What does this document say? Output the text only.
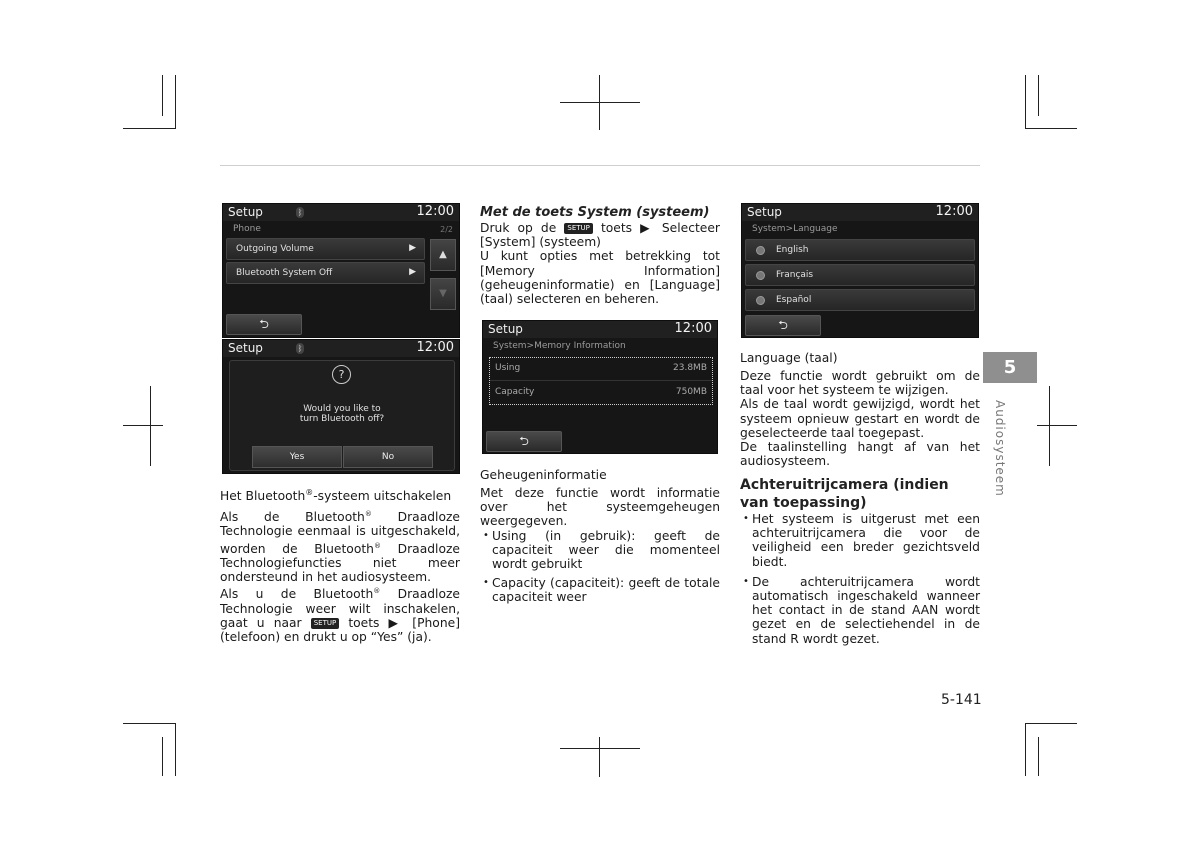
Setup	ᛒ	12:00
Phone	2/2
Outgoing Volume	▶
Bluetooth System Off	▶
▲
▼
⮌
Setup	ᛒ	12:00
?
Would you like to
turn Bluetooth off?
Yes	No
Het Bluetooth®-systeem uitschakelen

Als de Bluetooth® Draadloze Technologie eenmaal is uitgeschakeld, worden de Bluetooth® Draadloze Technologiefuncties niet meer ondersteund in het audiosysteem.

Als u de Bluetooth® Draadloze Technologie weer wilt inschakelen, gaat u naar SETUP toets ▶ [Phone] (telefoon) en drukt u op “Yes” (ja).

Met de toets System (systeem)

Druk op de SETUP toets ▶ Selecteer [System] (systeem)

U kunt opties met betrekking tot [Memory Information] (geheugeninformatie) en [Language] (taal) selecteren en beheren.

Setup	12:00
System>Memory Information
Using	23.8MB
Capacity	750MB
⮌
Geheugeninformatie

Met deze functie wordt informatie over het systeemgeheugen weergegeven.

• Using (in gebruik): geeft de capaciteit weer die momenteel wordt gebruikt
• Capacity (capaciteit): geeft de totale capaciteit weer
Setup	12:00
System>Language
English
Français
Español
⮌
Language (taal)

Deze functie wordt gebruikt om de taal voor het systeem te wijzigen.

Als de taal wordt gewijzigd, wordt het systeem opnieuw gestart en wordt de geselecteerde taal toegepast.

De taalinstelling hangt af van het audiosysteem.

Achteruitrijcamera (indien van toepassing)
• Het systeem is uitgerust met een achteruitrijcamera die voor de veiligheid een breder gezichtsveld biedt.
• De achteruitrijcamera wordt automatisch ingeschakeld wanneer het contact in de stand AAN wordt gezet en de selectiehendel in de stand R wordt gezet.
5
Audiosysteem
5-141
